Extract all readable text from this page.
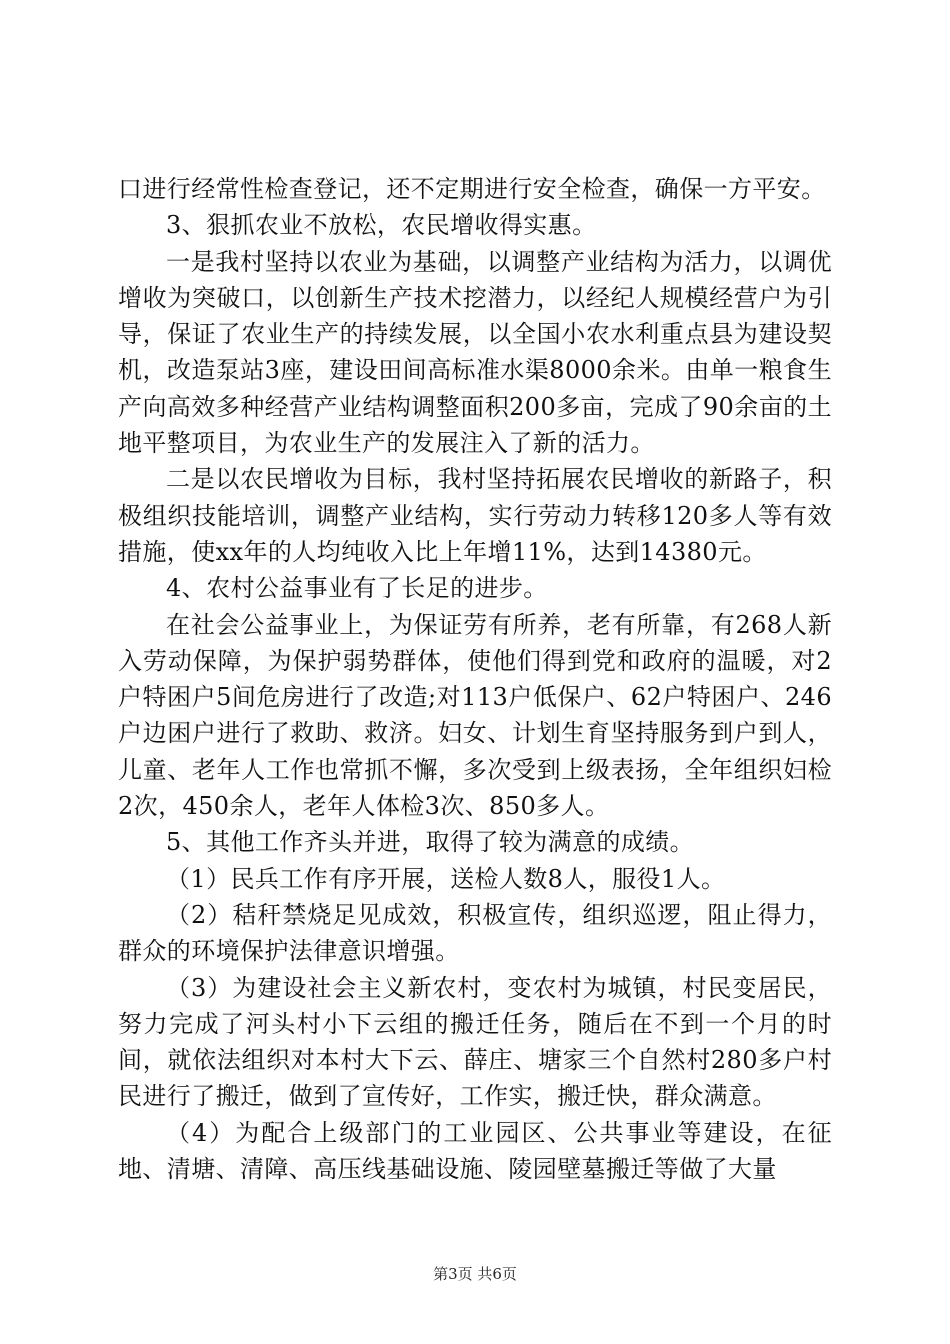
口进行经常性检查登记，还不定期进行安全检查，确保一方平安。

3、狠抓农业不放松，农民增收得实惠。

一是我村坚持以农业为基础，以调整产业结构为活力，以调优增收为突破口，以创新生产技术挖潜力，以经纪人规模经营户为引导，保证了农业生产的持续发展，以全国小农水利重点县为建设契机，改造泵站3座，建设田间高标准水渠8000余米。由单一粮食生产向高效多种经营产业结构调整面积200多亩，完成了90余亩的土地平整项目，为农业生产的发展注入了新的活力。

二是以农民增收为目标，我村坚持拓展农民增收的新路子，积极组织技能培训，调整产业结构，实行劳动力转移120多人等有效措施，使xx年的人均纯收入比上年增11%，达到14380元。

4、农村公益事业有了长足的进步。

在社会公益事业上，为保证劳有所养，老有所靠，有268人新入劳动保障，为保护弱势群体，使他们得到党和政府的温暖，对2户特困户5间危房进行了改造;对113户低保户、62户特困户、246户边困户进行了救助、救济。妇女、计划生育坚持服务到户到人，儿童、老年人工作也常抓不懈，多次受到上级表扬，全年组织妇检2次，450余人，老年人体检3次、850多人。

5、其他工作齐头并进，取得了较为满意的成绩。

（1）民兵工作有序开展，送检人数8人，服役1人。

（2）秸秆禁烧足见成效，积极宣传，组织巡逻，阻止得力，群众的环境保护法律意识增强。

（3）为建设社会主义新农村，变农村为城镇，村民变居民，努力完成了河头村小下云组的搬迁任务，随后在不到一个月的时间，就依法组织对本村大下云、薛庄、塘家三个自然村280多户村民进行了搬迁，做到了宣传好，工作实，搬迁快，群众满意。

（4）为配合上级部门的工业园区、公共事业等建设，在征地、清塘、清障、高压线基础设施、陵园壁墓搬迁等做了大量

第3页 共6页
